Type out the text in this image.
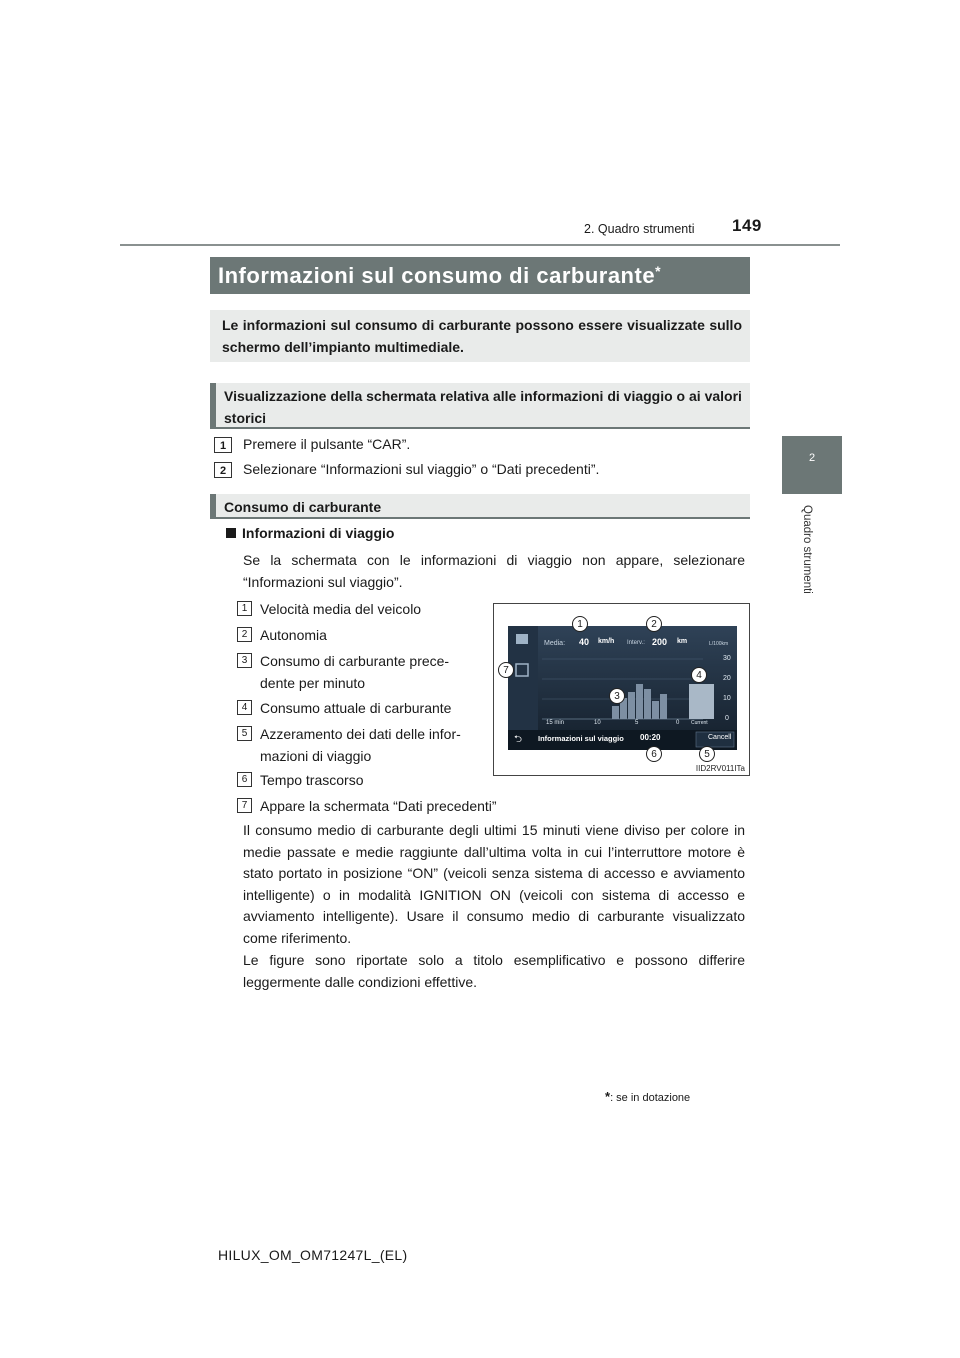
2. Quadro strumenti 149
2
Quadro strumenti
Informazioni sul consumo di carburante*
Le informazioni sul consumo di carburante possono essere visualizzate sullo schermo dell’impianto multimediale.
Visualizzazione della schermata relativa alle informazioni di viaggio o ai valori storici
1	Premere il pulsante “CAR”.
2	Selezionare “Informazioni sul viaggio” o “Dati precedenti”.
Consumo di carburante
Informazioni di viaggio
Se la schermata con le informazioni di viaggio non appare, selezionare “Informazioni sul viaggio”.
1 Velocità media del veicolo
2 Autonomia
3 Consumo di carburante prece-
dente per minuto
4 Consumo attuale di carburante
5 Azzeramento dei dati delle infor-
mazioni di viaggio
6 Tempo trascorso
7 Appare la schermata “Dati precedenti”
Media: 40 km/h Interv.: 200 km	L/100km
30
20
10
0
15 min	10	5	0 Current
⮌ Informazioni sul viaggio 00:20	Cancell
1	2
3
4
5
6
7
IID2RV011ITa
Il consumo medio di carburante degli ultimi 15 minuti viene diviso per colore in medie passate e medie raggiunte dall’ultima volta in cui l’interruttore motore è stato portato in posizione “ON” (veicoli senza sistema di accesso e avviamento intelligente) o in modalità IGNITION ON (veicoli con sistema di accesso e avviamento intelligente). Usare il consumo medio di carburante visualizzato come riferimento.
Le figure sono riportate solo a titolo esemplificativo e possono differire leggermente dalle condizioni effettive.
*: se in dotazione
HILUX_OM_OM71247L_(EL)
